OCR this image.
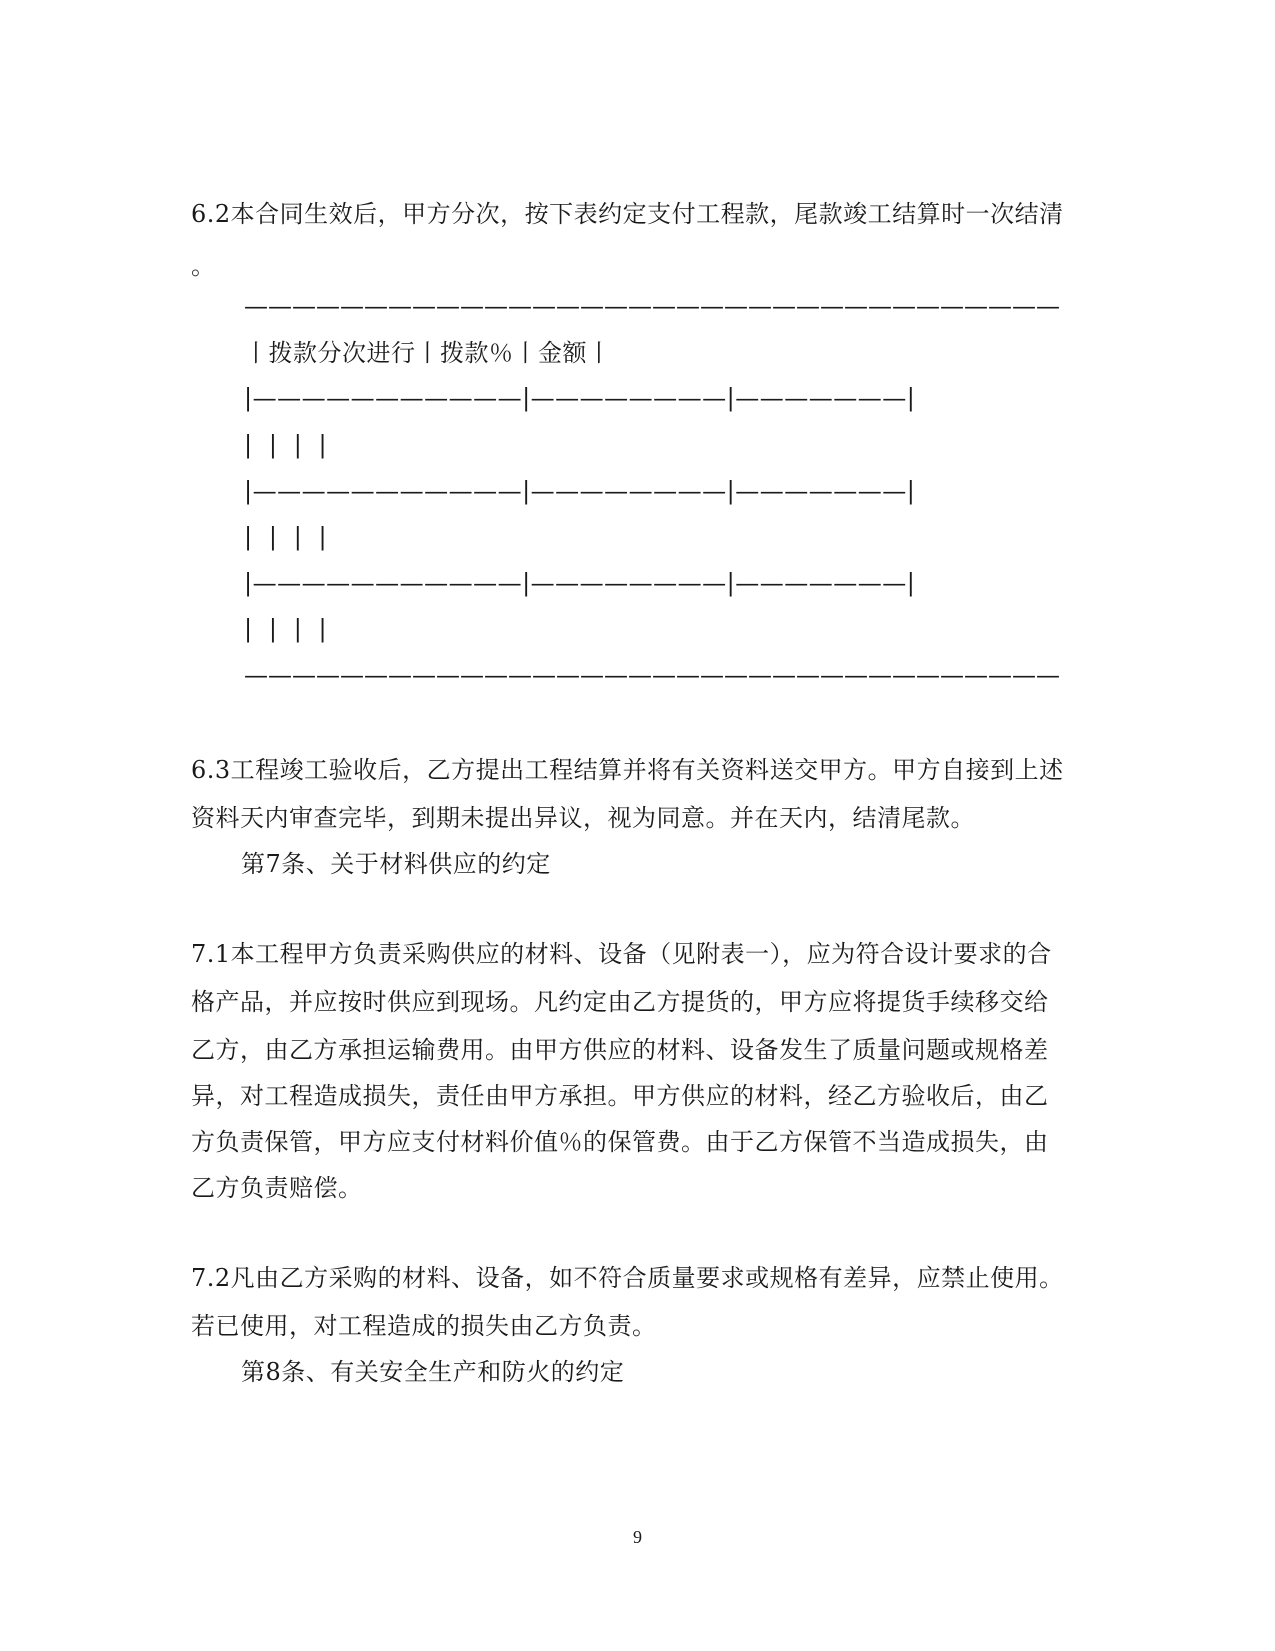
6.2本合同生效后，甲方分次，按下表约定支付工程款，尾款竣工结算时一次结清
。
——————————————————————————————————
丨拨款分次进行丨拨款％丨金额丨
|———————————|————————|———————|
|  |  |  |
|———————————|————————|———————|
|  |  |  |
|———————————|————————|———————|
|  |  |  |
——————————————————————————————————
6.3工程竣工验收后，乙方提出工程结算并将有关资料送交甲方。甲方自接到上述
资料天内审查完毕，到期未提出异议，视为同意。并在天内，结清尾款。
第7条、关于材料供应的约定
7.1本工程甲方负责采购供应的材料、设备（见附表一），应为符合设计要求的合
格产品，并应按时供应到现场。凡约定由乙方提货的，甲方应将提货手续移交给
乙方，由乙方承担运输费用。由甲方供应的材料、设备发生了质量问题或规格差
异，对工程造成损失，责任由甲方承担。甲方供应的材料，经乙方验收后，由乙
方负责保管，甲方应支付材料价值％的保管费。由于乙方保管不当造成损失，由
乙方负责赔偿。
7.2凡由乙方采购的材料、设备，如不符合质量要求或规格有差异，应禁止使用。
若已使用，对工程造成的损失由乙方负责。
第8条、有关安全生产和防火的约定
9
